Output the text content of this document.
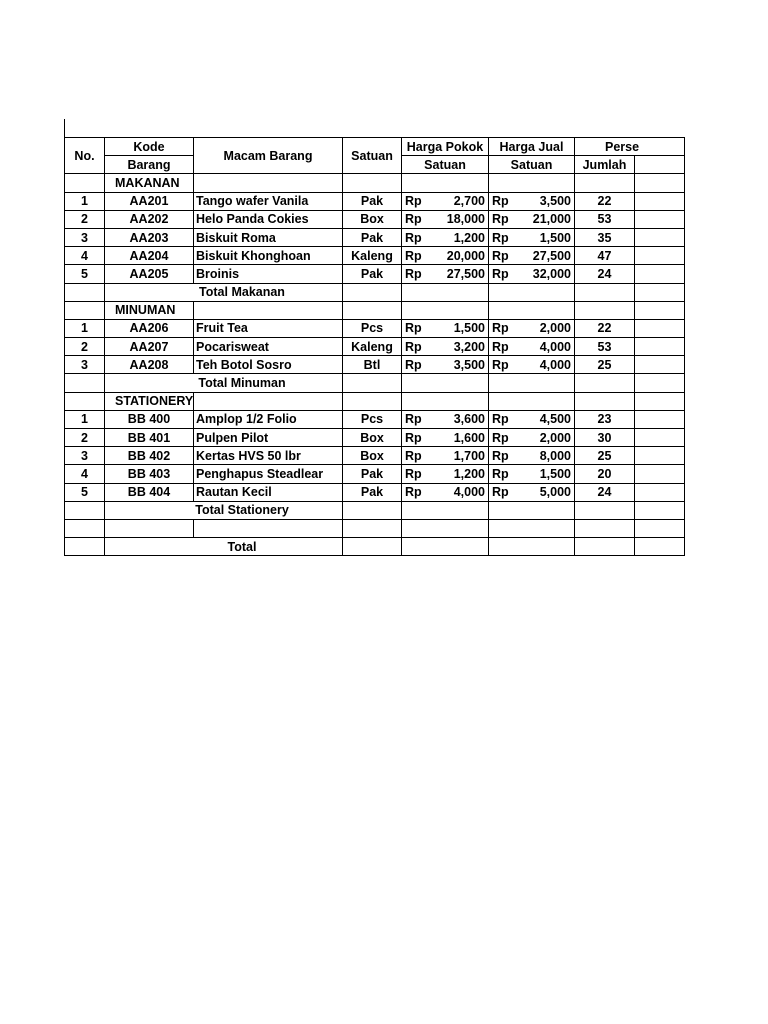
No.	Kode	Macam Barang	Satuan	Harga Pokok	Harga Jual	Perse	
	Barang			Satuan	Satuan	Jumlah	
	MAKANAN						
1	AA201	Tango wafer Vanila	Pak	Rp 2,700	Rp 3,500	22	
2	AA202	Helo Panda Cokies	Box	Rp 18,000	Rp 21,000	53	
3	AA203	Biskuit Roma	Pak	Rp 1,200	Rp 1,500	35	
4	AA204	Biskuit Khonghoan	Kaleng	Rp 20,000	Rp 27,500	47	
5	AA205	Broinis	Pak	Rp 27,500	Rp 32,000	24	
	Total Makanan						
	MINUMAN						
1	AA206	Fruit Tea	Pcs	Rp 1,500	Rp 2,000	22	
2	AA207	Pocarisweat	Kaleng	Rp 3,200	Rp 4,000	53	
3	AA208	Teh Botol Sosro	Btl	Rp 3,500	Rp 4,000	25	
	Total Minuman						
	STATIONERY						
1	BB 400	Amplop 1/2 Folio	Pcs	Rp 3,600	Rp 4,500	23	
2	BB 401	Pulpen Pilot	Box	Rp 1,600	Rp 2,000	30	
3	BB 402	Kertas HVS 50 lbr	Box	Rp 1,700	Rp 8,000	25	
4	BB 403	Penghapus Steadlear	Pak	Rp 1,200	Rp 1,500	20	
5	BB 404	Rautan Kecil	Pak	Rp 4,000	Rp 5,000	24	
	Total Stationery						

	Total						
